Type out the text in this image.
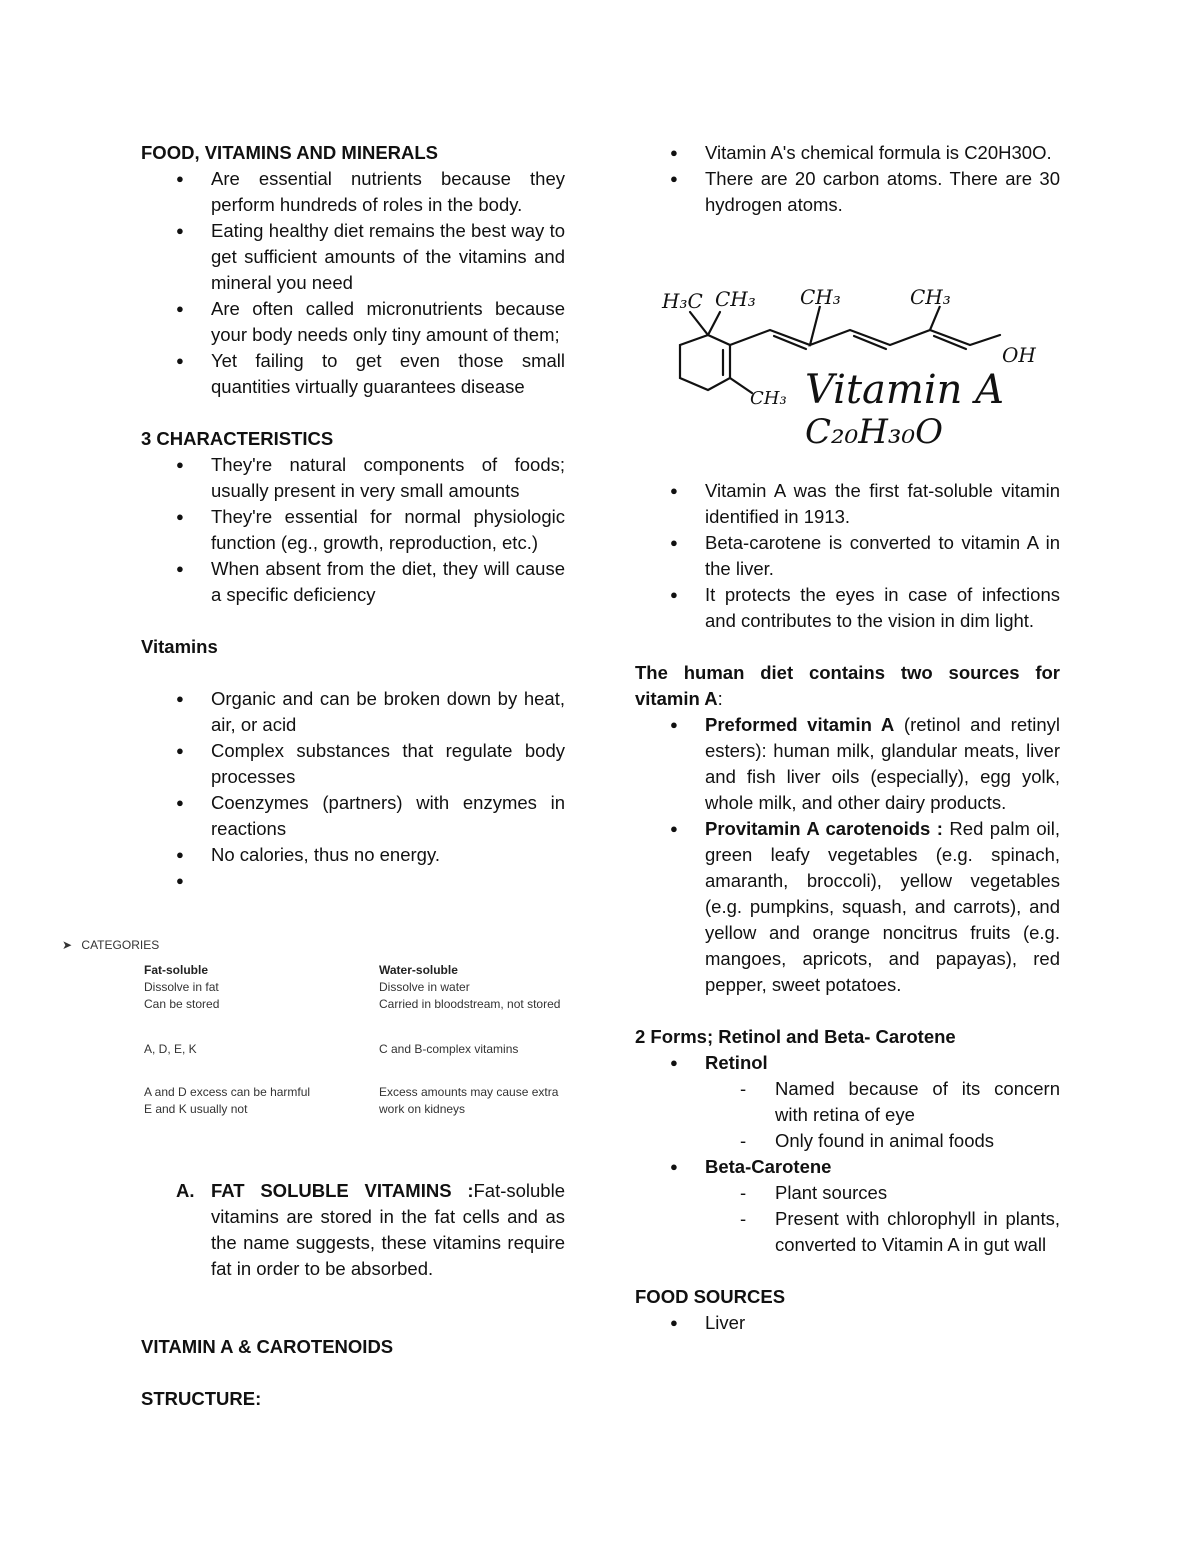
FOOD, VITAMINS AND MINERALS
● Are essential nutrients because they perform hundreds of roles in the body.
● Eating healthy diet remains the best way to get sufficient amounts of the vitamins and mineral you need
● Are often called micronutrients because your body needs only tiny amount of them;
● Yet failing to get even those small quantities virtually guarantees disease
3 CHARACTERISTICS
● They're natural components of foods; usually present in very small amounts
● They're essential for normal physiologic function (eg., growth, reproduction, etc.)
● When absent from the diet, they will cause a specific deficiency
Vitamins
● Organic and can be broken down by heat, air, or acid
● Complex substances that regulate body processes
● Coenzymes (partners) with enzymes in reactions
● No calories, thus no energy.
●
➤ CATEGORIES
Fat-soluble
Dissolve in fat
Can be stored
A, D, E, K
A and D excess can be harmful
E and K usually not
Water-soluble
Dissolve in water
Carried in bloodstream, not stored
C and B-complex vitamins
Excess amounts may cause extra
work on kidneys
A. FAT SOLUBLE VITAMINS :Fat-soluble vitamins are stored in the fat cells and as the name suggests, these vitamins require fat in order to be absorbed.
VITAMIN A & CAROTENOIDS
STRUCTURE:
● Vitamin A's chemical formula is C20H30O.
● There are 20 carbon atoms. There are 30 hydrogen atoms.
H₃C CH₃ CH₃	CH₃
OH
CH₃ Vitamin A
C₂₀H₃₀O
● Vitamin A was the first fat-soluble vitamin identified in 1913.
● Beta-carotene is converted to vitamin A in the liver.
● It protects the eyes in case of infections and contributes to the vision in dim light.
The human diet contains two sources for vitamin A:
● Preformed vitamin A (retinol and retinyl esters): human milk, glandular meats, liver and fish liver oils (especially), egg yolk, whole milk, and other dairy products.
● Provitamin A carotenoids : Red palm oil, green leafy vegetables (e.g. spinach, amaranth, broccoli), yellow vegetables (e.g. pumpkins, squash, and carrots), and yellow and orange noncitrus fruits (e.g. mangoes, apricots, and papayas), red pepper, sweet potatoes.
2 Forms; Retinol and Beta- Carotene
● Retinol
- Named because of its concern with retina of eye
- Only found in animal foods
● Beta-Carotene
- Plant sources
- Present with chlorophyll in plants, converted to Vitamin A in gut wall
FOOD SOURCES
● Liver
